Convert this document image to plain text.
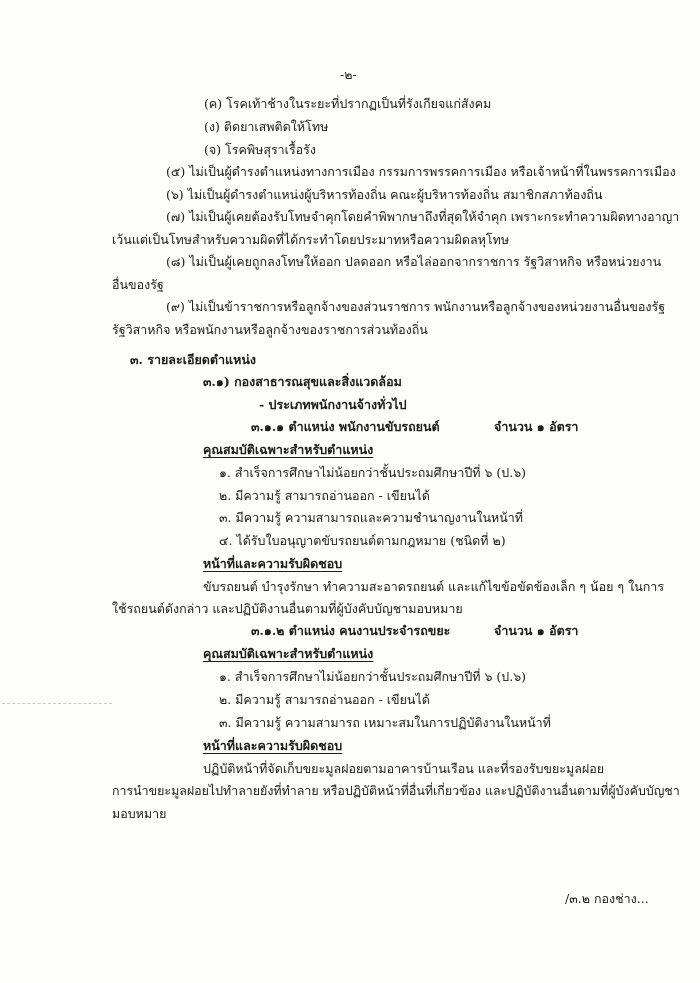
-๒-
(ค) โรคเท้าช้างในระยะที่ปรากฏเป็นที่รังเกียจแก่สังคม
(ง) ติดยาเสพติดให้โทษ
(จ) โรคพิษสุราเรื้อรัง
(๕) ไม่เป็นผู้ดำรงตำแหน่งทางการเมือง กรรมการพรรคการเมือง หรือเจ้าหน้าที่ในพรรคการเมือง
(๖) ไม่เป็นผู้ดำรงตำแหน่งผู้บริหารท้องถิ่น คณะผู้บริหารท้องถิ่น สมาชิกสภาท้องถิ่น
(๗) ไม่เป็นผู้เคยต้องรับโทษจำคุกโดยคำพิพากษาถึงที่สุดให้จำคุก เพราะกระทำความผิดทางอาญา
เว้นแต่เป็นโทษสำหรับความผิดที่ได้กระทำโดยประมาทหรือความผิดลหุโทษ
(๘) ไม่เป็นผู้เคยถูกลงโทษให้ออก ปลดออก หรือไล่ออกจากราชการ รัฐวิสาหกิจ หรือหน่วยงาน
อื่นของรัฐ
(๙) ไม่เป็นข้าราชการหรือลูกจ้างของส่วนราชการ พนักงานหรือลูกจ้างของหน่วยงานอื่นของรัฐ
รัฐวิสาหกิจ หรือพนักงานหรือลูกจ้างของราชการส่วนท้องถิ่น
๓. รายละเอียดตำแหน่ง
๓.๑) กองสาธารณสุขและสิ่งแวดล้อม
- ประเภทพนักงานจ้างทั่วไป
๓.๑.๑ ตำแหน่ง พนักงานขับรถยนต์	จำนวน ๑ อัตรา
คุณสมบัติเฉพาะสำหรับตำแหน่ง
๑. สำเร็จการศึกษาไม่น้อยกว่าชั้นประถมศึกษาปีที่ ๖ (ป.๖)
๒. มีความรู้ สามารถอ่านออก - เขียนได้
๓. มีความรู้ ความสามารถและความชำนาญงานในหน้าที่
๔. ได้รับใบอนุญาตขับรถยนต์ตามกฎหมาย (ชนิดที่ ๒)
หน้าที่และความรับผิดชอบ
ขับรถยนต์ บำรุงรักษา ทำความสะอาดรถยนต์ และแก้ไขข้อขัดข้องเล็ก ๆ น้อย ๆ ในการ
ใช้รถยนต์ดังกล่าว และปฏิบัติงานอื่นตามที่ผู้บังคับบัญชามอบหมาย
๓.๑.๒ ตำแหน่ง คนงานประจำรถขยะ	จำนวน ๑ อัตรา
คุณสมบัติเฉพาะสำหรับตำแหน่ง
๑. สำเร็จการศึกษาไม่น้อยกว่าชั้นประถมศึกษาปีที่ ๖ (ป.๖)
๒. มีความรู้ สามารถอ่านออก - เขียนได้
๓. มีความรู้ ความสามารถ เหมาะสมในการปฏิบัติงานในหน้าที่
หน้าที่และความรับผิดชอบ
ปฏิบัติหน้าที่จัดเก็บขยะมูลฝอยตามอาคารบ้านเรือน และที่รองรับขยะมูลฝอย
การนำขยะมูลฝอยไปทำลายยังที่ทำลาย หรือปฏิบัติหน้าที่อื่นที่เกี่ยวข้อง และปฏิบัติงานอื่นตามที่ผู้บังคับบัญชา
มอบหมาย
/๓.๒ กองช่าง...
